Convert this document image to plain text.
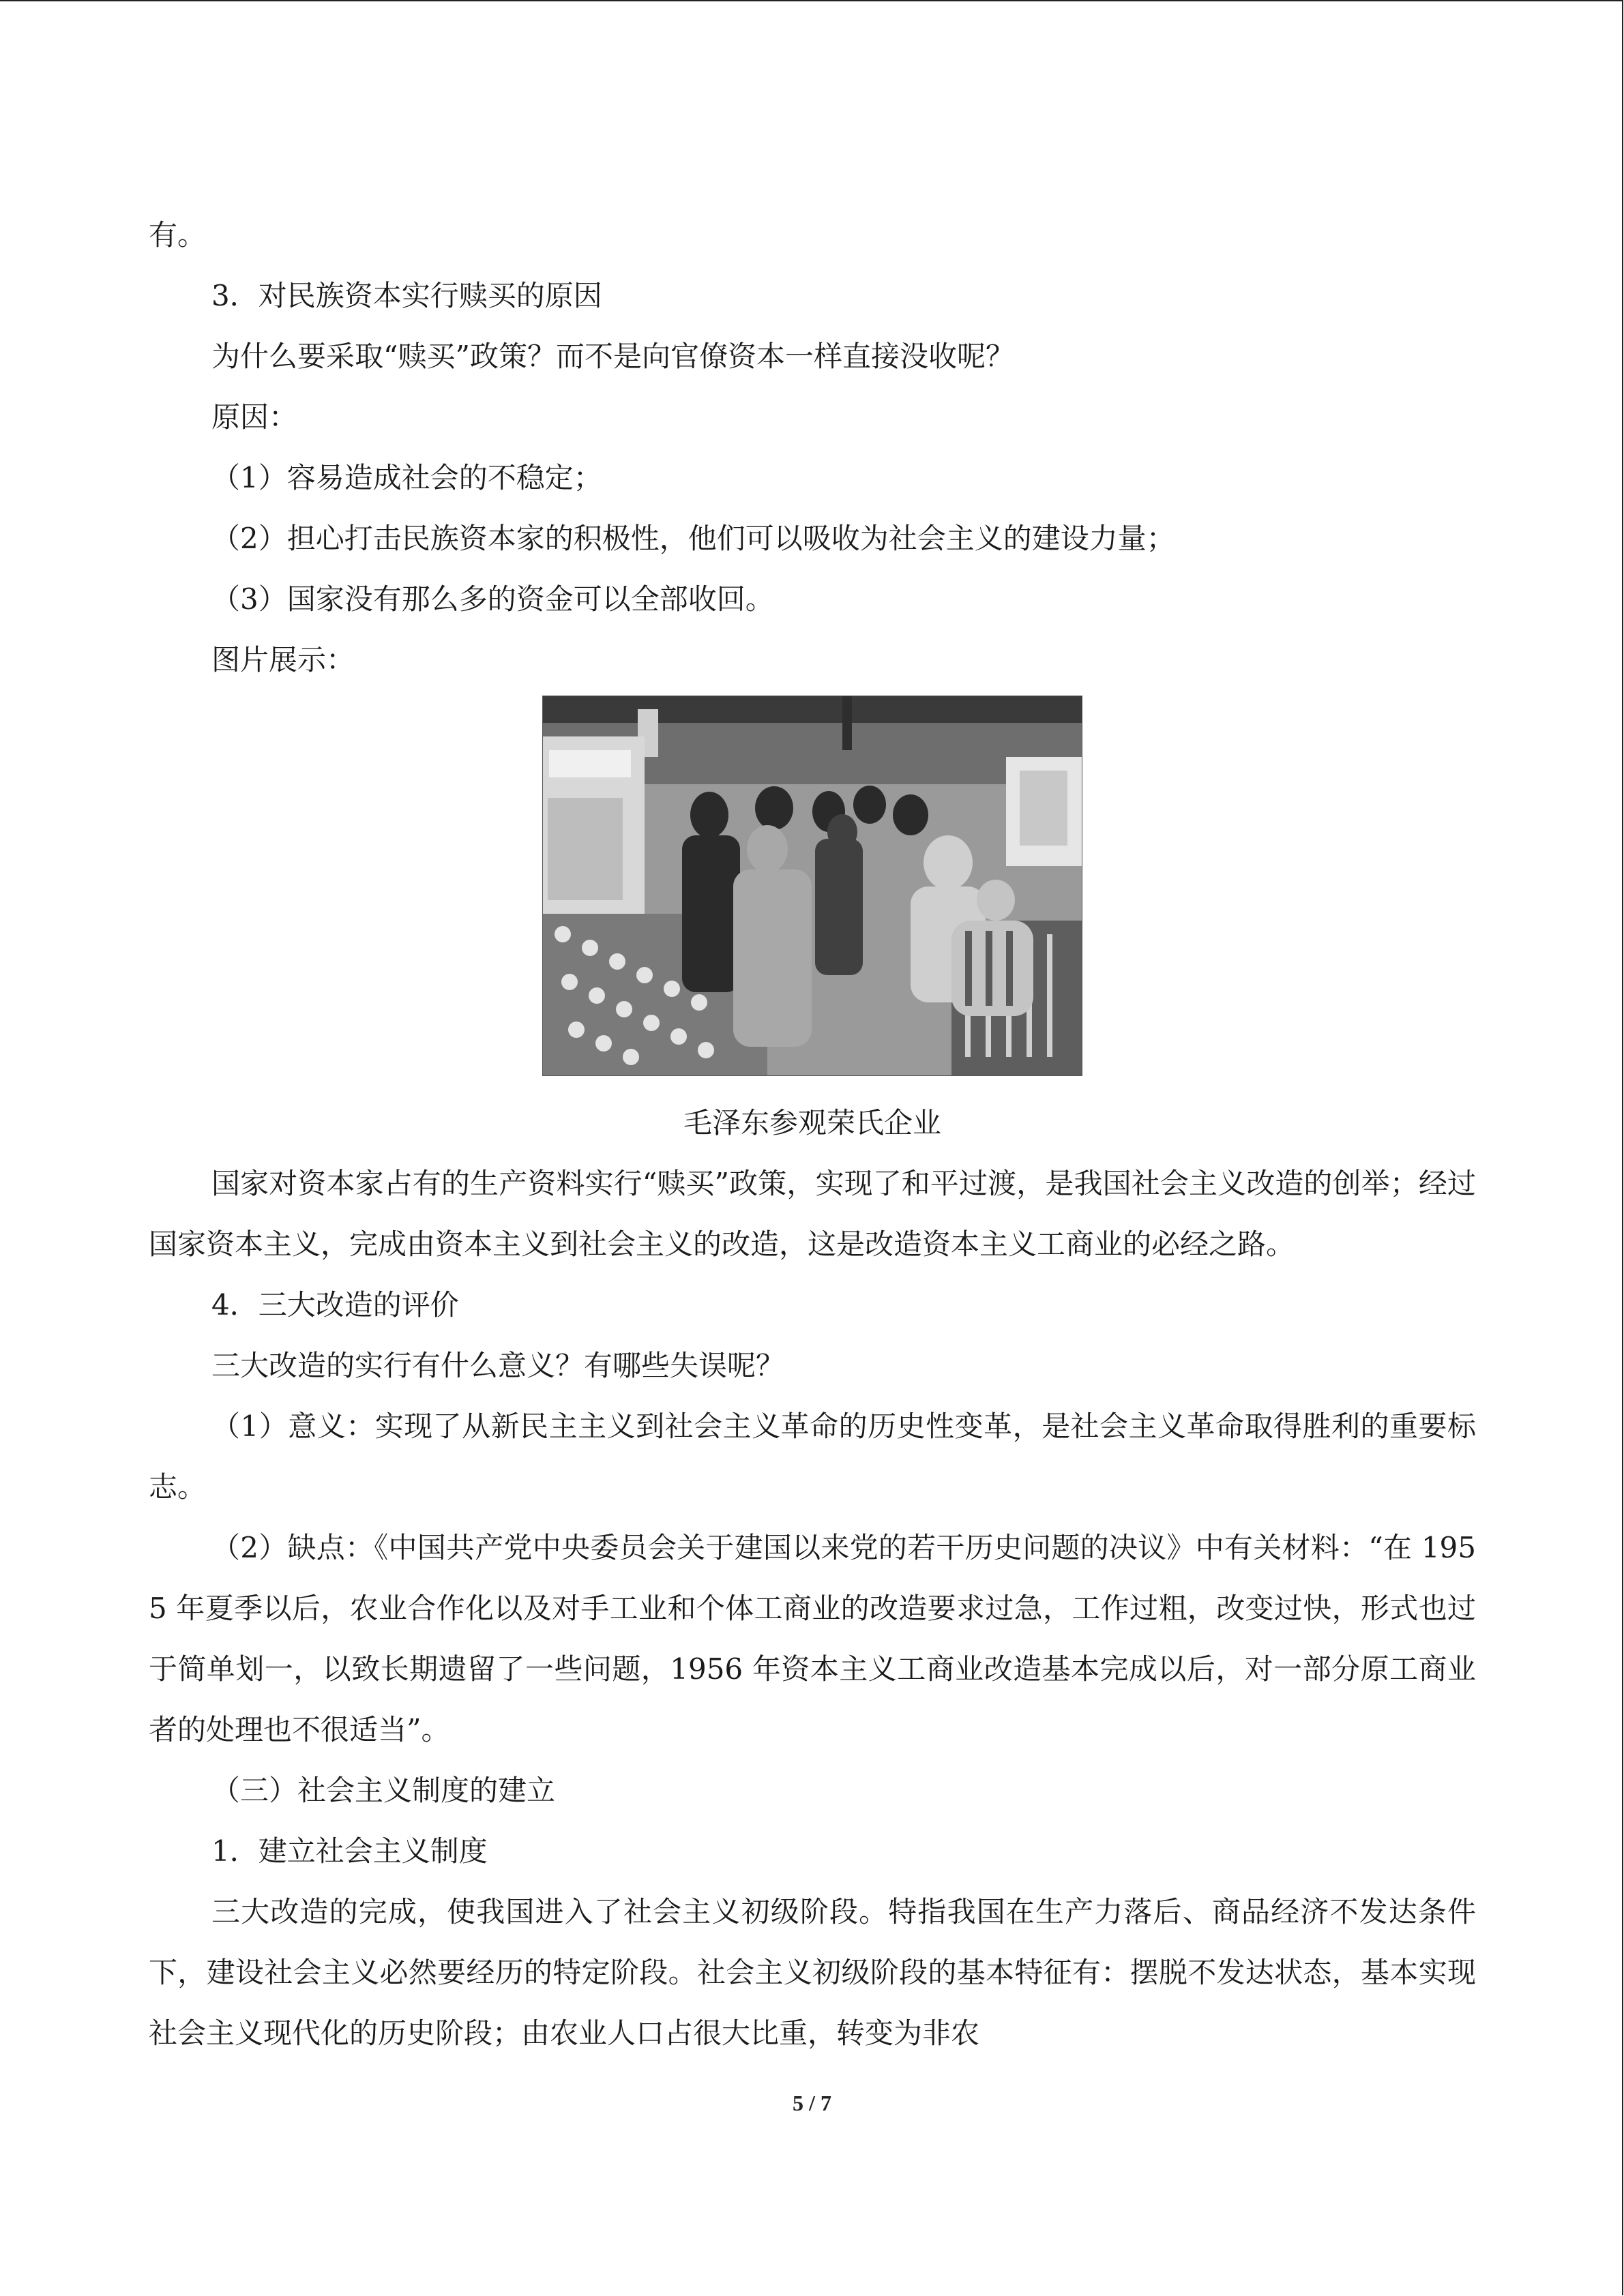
有。

3．对民族资本实行赎买的原因

为什么要采取“赎买”政策？而不是向官僚资本一样直接没收呢？

原因：

（1）容易造成社会的不稳定；

（2）担心打击民族资本家的积极性，他们可以吸收为社会主义的建设力量；

（3）国家没有那么多的资金可以全部收回。

图片展示：

毛泽东参观荣氏企业

国家对资本家占有的生产资料实行“赎买”政策，实现了和平过渡，是我国社会主义改造的创举；经过国家资本主义，完成由资本主义到社会主义的改造，这是改造资本主义工商业的必经之路。

4．三大改造的评价

三大改造的实行有什么意义？有哪些失误呢？

（1）意义：实现了从新民主主义到社会主义革命的历史性变革，是社会主义革命取得胜利的重要标志。

（2）缺点：《中国共产党中央委员会关于建国以来党的若干历史问题的决议》中有关材料：“在 1955 年夏季以后，农业合作化以及对手工业和个体工商业的改造要求过急，工作过粗，改变过快，形式也过于简单划一，以致长期遗留了一些问题，1956 年资本主义工商业改造基本完成以后，对一部分原工商业者的处理也不很适当”。

（三）社会主义制度的建立

1．建立社会主义制度

三大改造的完成，使我国进入了社会主义初级阶段。特指我国在生产力落后、商品经济不发达条件下，建设社会主义必然要经历的特定阶段。社会主义初级阶段的基本特征有：摆脱不发达状态，基本实现社会主义现代化的历史阶段；由农业人口占很大比重，转变为非农

5 / 7
